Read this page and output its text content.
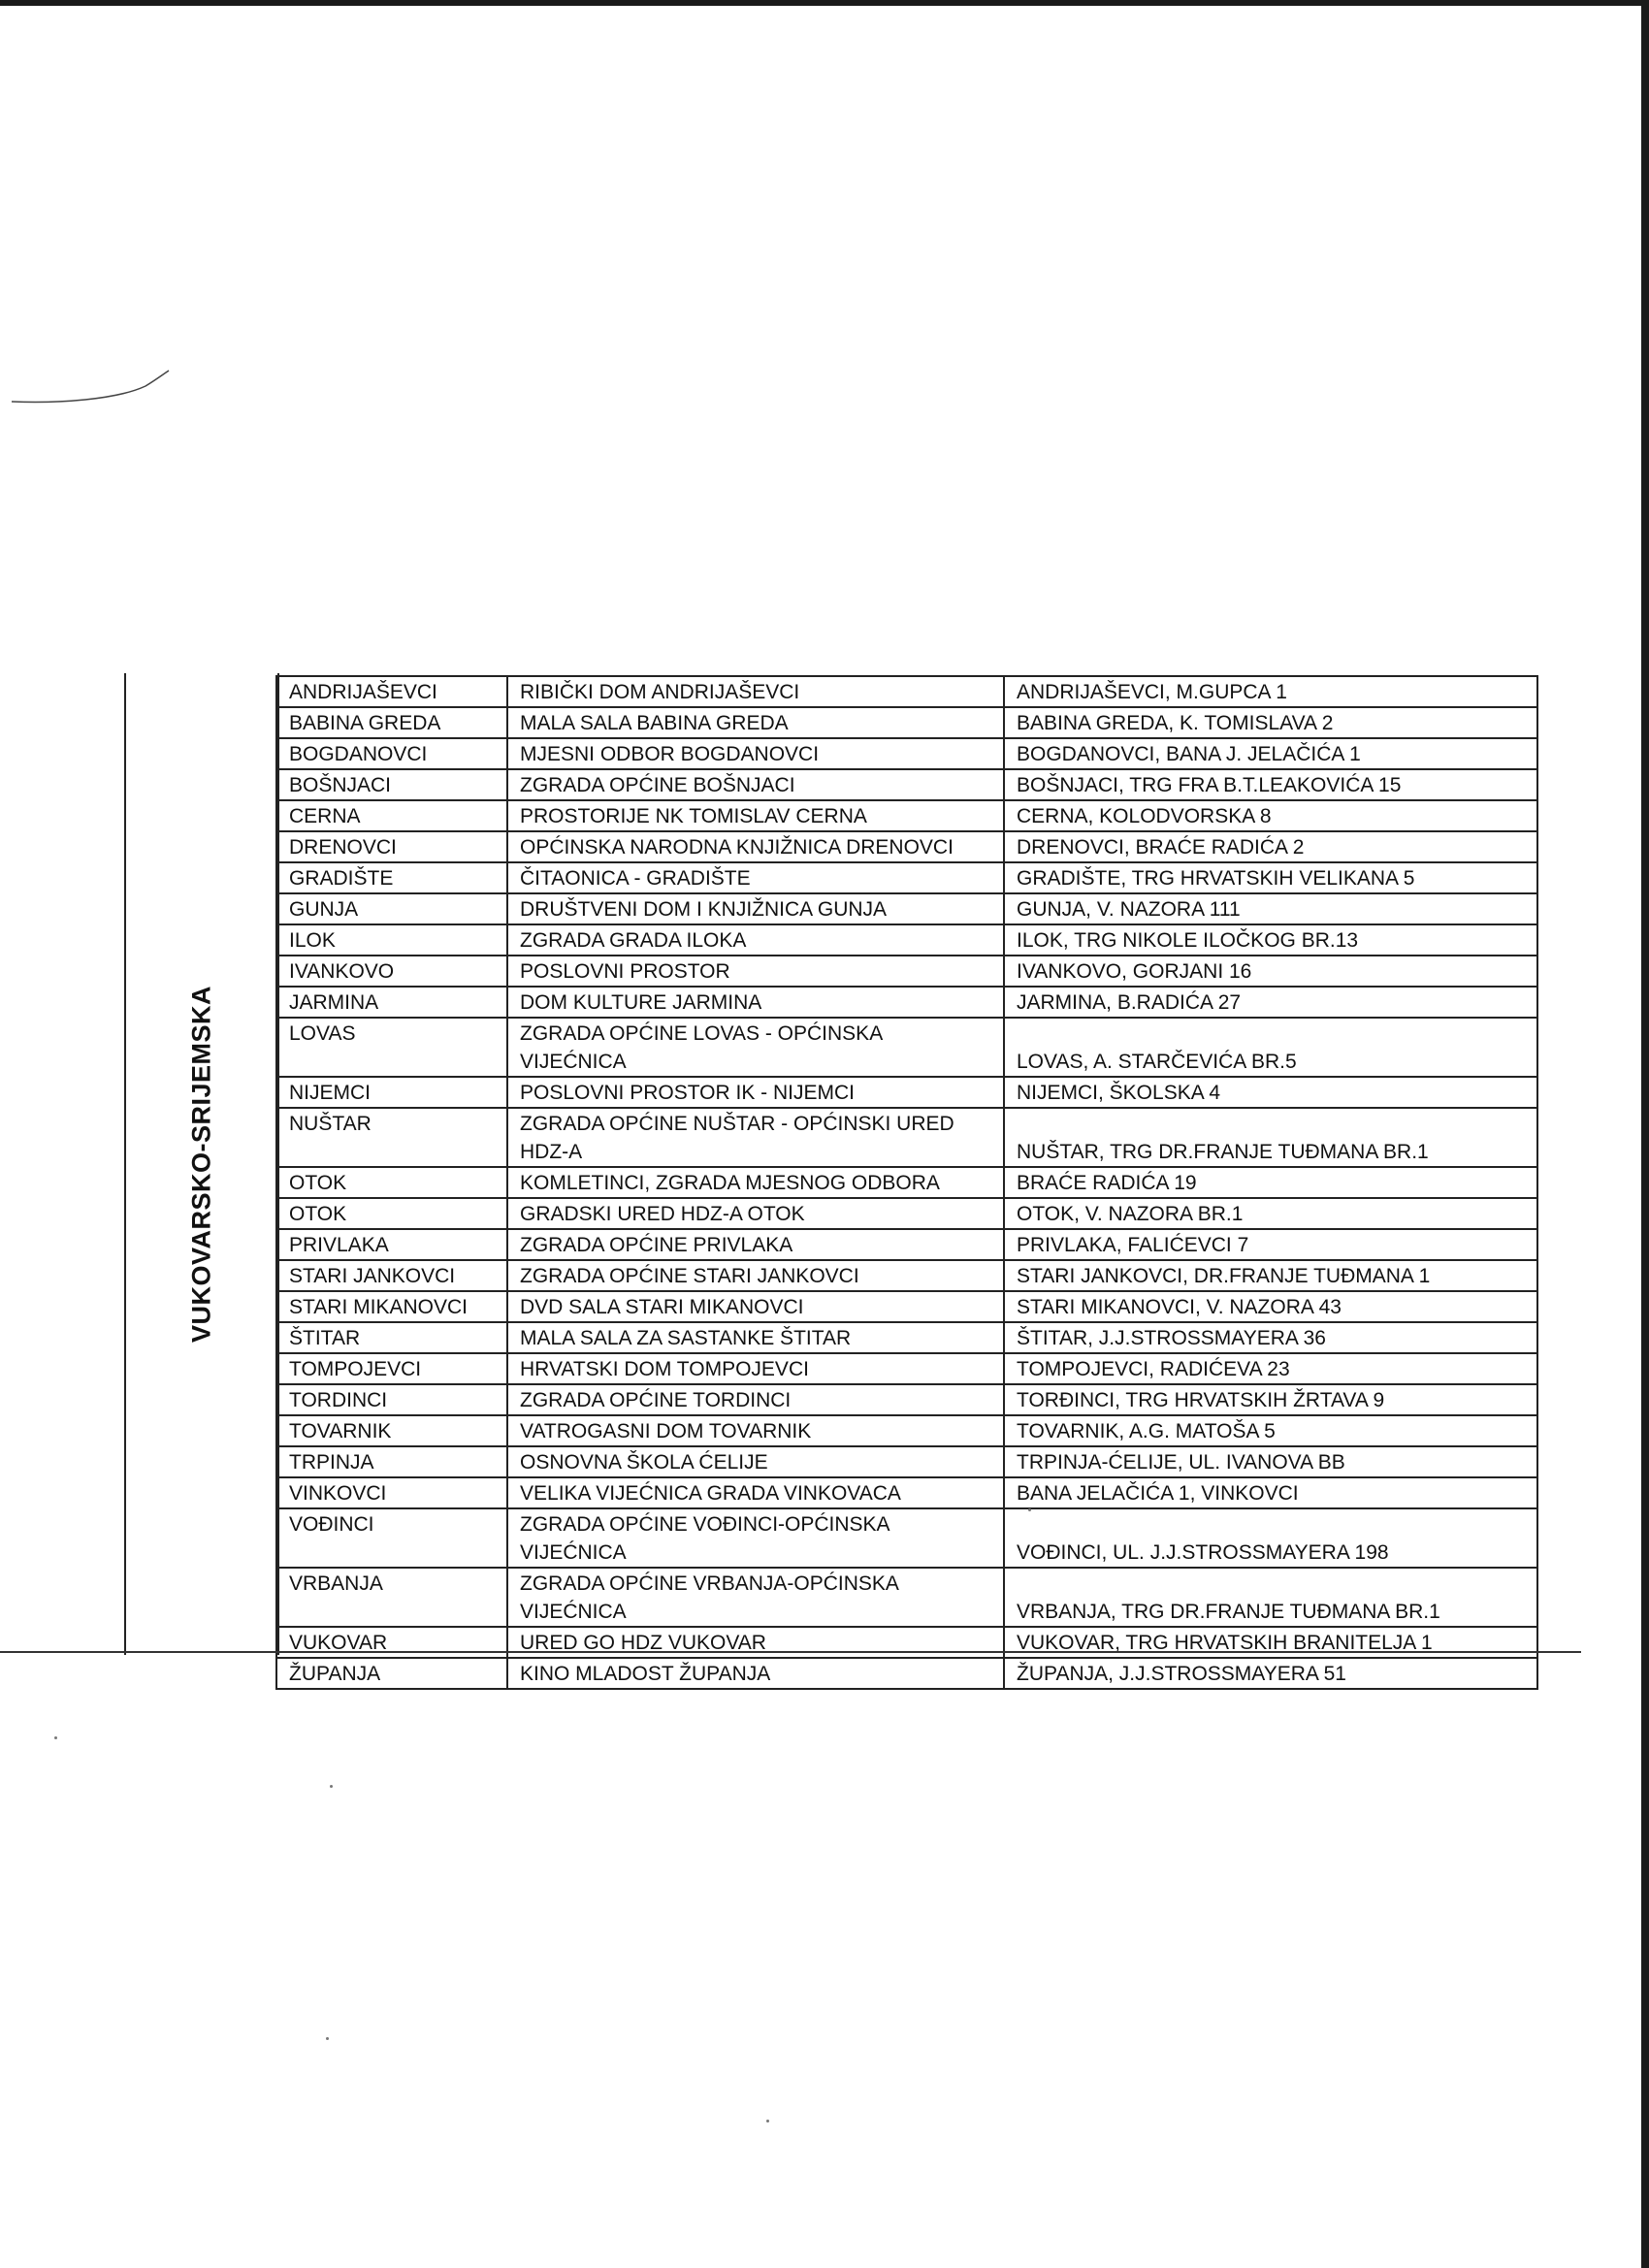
VUKOVARSKO-SRIJEMSKA
ANDRIJAŠEVCI	RIBIČKI DOM ANDRIJAŠEVCI	ANDRIJAŠEVCI, M.GUPCA 1
BABINA GREDA	MALA SALA BABINA GREDA	BABINA GREDA, K. TOMISLAVA 2
BOGDANOVCI	MJESNI ODBOR BOGDANOVCI	BOGDANOVCI, BANA J. JELAČIĆA 1
BOŠNJACI	ZGRADA OPĆINE BOŠNJACI	BOŠNJACI, TRG FRA B.T.LEAKOVIĆA 15
CERNA	PROSTORIJE NK TOMISLAV CERNA	CERNA, KOLODVORSKA 8
DRENOVCI	OPĆINSKA NARODNA KNJIŽNICA DRENOVCI	DRENOVCI, BRAĆE RADIĆA 2
GRADIŠTE	ČITAONICA - GRADIŠTE	GRADIŠTE, TRG HRVATSKIH VELIKANA 5
GUNJA	DRUŠTVENI DOM I KNJIŽNICA GUNJA	GUNJA, V. NAZORA 111
ILOK	ZGRADA GRADA ILOKA	ILOK, TRG NIKOLE ILOČKOG BR.13
IVANKOVO	POSLOVNI PROSTOR	IVANKOVO, GORJANI 16
JARMINA	DOM KULTURE JARMINA	JARMINA, B.RADIĆA 27
LOVAS	ZGRADA OPĆINE LOVAS - OPĆINSKA VIJEĆNICA	LOVAS, A. STARČEVIĆA BR.5
NIJEMCI	POSLOVNI PROSTOR IK - NIJEMCI	NIJEMCI, ŠKOLSKA 4
NUŠTAR	ZGRADA OPĆINE NUŠTAR - OPĆINSKI URED HDZ-A	NUŠTAR, TRG DR.FRANJE TUĐMANA BR.1
OTOK	KOMLETINCI, ZGRADA MJESNOG ODBORA	BRAĆE RADIĆA 19
OTOK	GRADSKI URED HDZ-A OTOK	OTOK, V. NAZORA BR.1
PRIVLAKA	ZGRADA OPĆINE PRIVLAKA	PRIVLAKA, FALIĆEVCI 7
STARI JANKOVCI	ZGRADA OPĆINE STARI JANKOVCI	STARI JANKOVCI, DR.FRANJE TUĐMANA 1
STARI MIKANOVCI	DVD SALA STARI MIKANOVCI	STARI MIKANOVCI, V. NAZORA 43
ŠTITAR	MALA SALA ZA SASTANKE ŠTITAR	ŠTITAR, J.J.STROSSMAYERA 36
TOMPOJEVCI	HRVATSKI DOM TOMPOJEVCI	TOMPOJEVCI, RADIĆEVA 23
TORDINCI	ZGRADA OPĆINE TORDINCI	TORĐINCI, TRG HRVATSKIH ŽRTAVA 9
TOVARNIK	VATROGASNI DOM TOVARNIK	TOVARNIK, A.G. MATOŠA 5
TRPINJA	OSNOVNA ŠKOLA ĆELIJE	TRPINJA-ĆELIJE, UL. IVANOVA BB
VINKOVCI	VELIKA VIJEĆNICA GRADA VINKOVACA	BANA JELAČIĆA 1, VINKOVCI
VOĐINCI	ZGRADA OPĆINE VOĐINCI-OPĆINSKA VIJEĆNICA	VOĐINCI, UL. J.J.STROSSMAYERA 198
VRBANJA	ZGRADA OPĆINE VRBANJA-OPĆINSKA VIJEĆNICA	VRBANJA, TRG DR.FRANJE TUĐMANA BR.1
VUKOVAR	URED GO HDZ VUKOVAR	VUKOVAR, TRG HRVATSKIH BRANITELJA 1
ŽUPANJA	KINO MLADOST ŽUPANJA	ŽUPANJA, J.J.STROSSMAYERA 51
